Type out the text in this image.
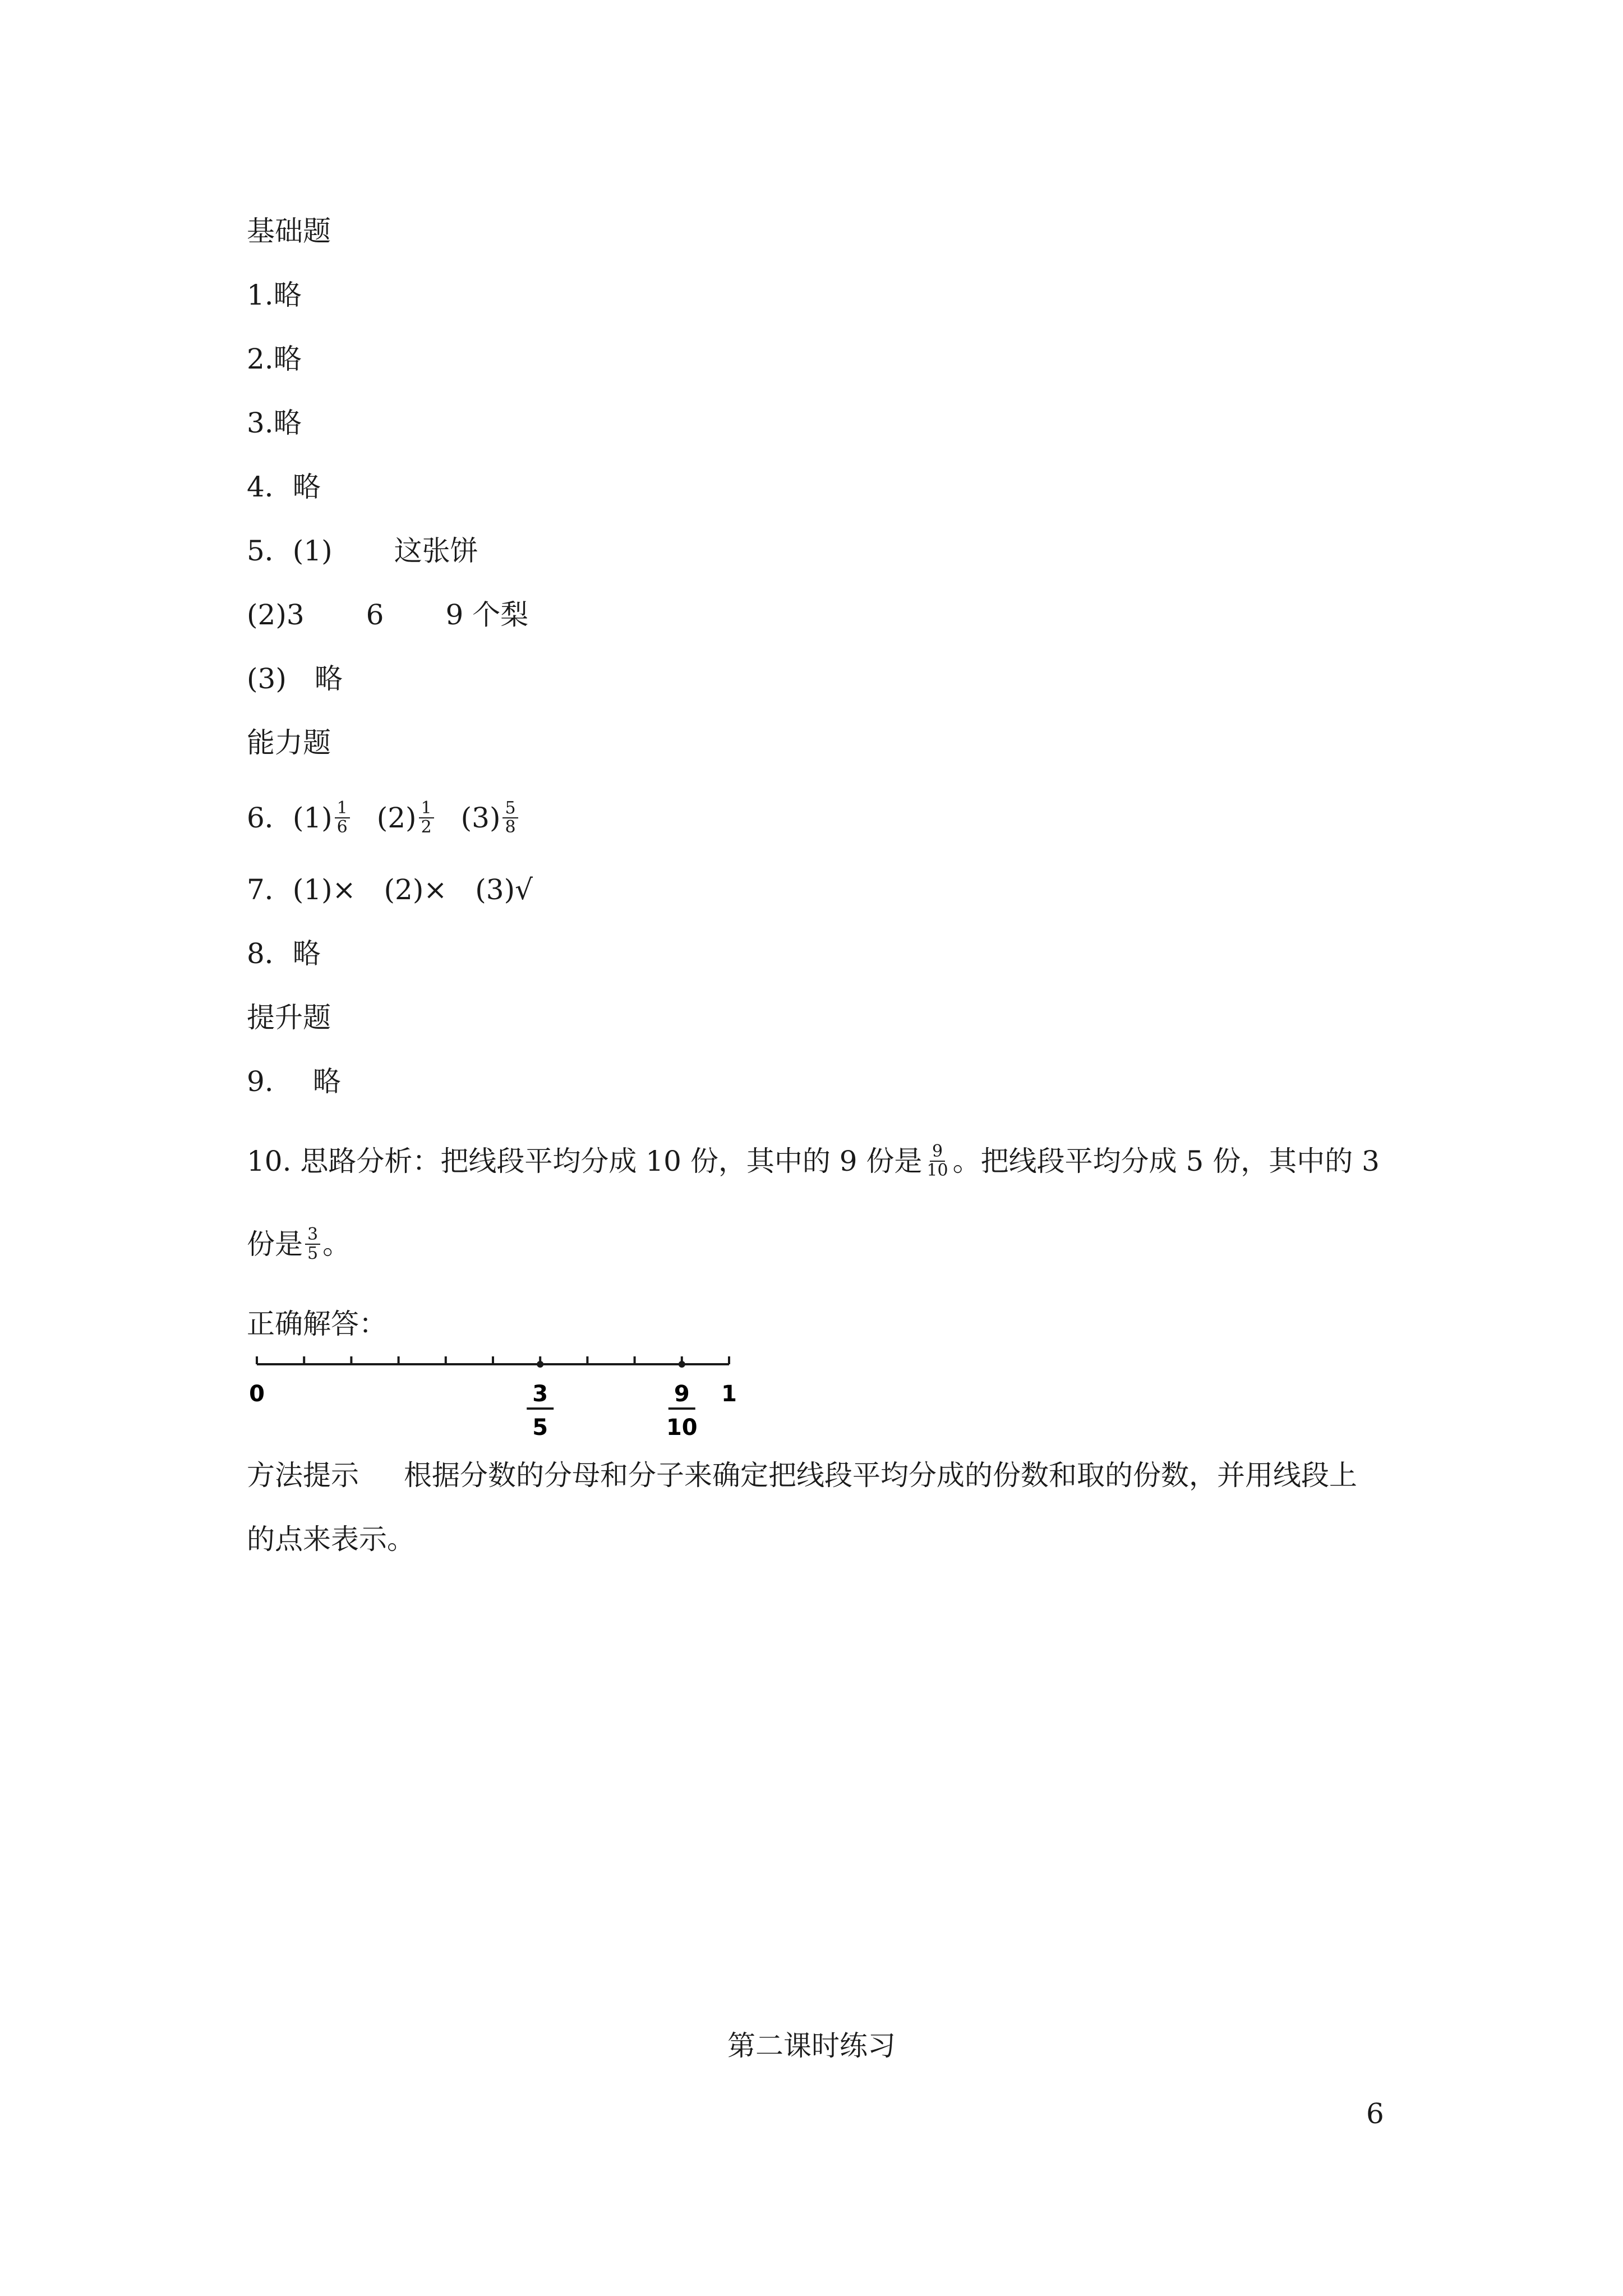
基础题
1.略
2.略
3.略
4．略
5．(1) 这张饼
(2)3 6 9 个梨
(3) 略
能力题
6．$(1) \frac{1}{6} (2) \frac{1}{2} (3) \frac{5}{8}$
7．(1)×　(2)×　(3)√
8．略
提升题
9. 略
10. 思路分析：把线段平均分成 10 份，其中的 9 份是 $\frac{9}{10}$ 。把线段平均分成 5 份，其中的 3
份是 $\frac{3}{5}$ 。
正确解答：
0	1
3
5
9
10
方法提示 根据分数的分母和分子来确定把线段平均分成的份数和取的份数，并用线段上
的点来表示。
第二课时练习
6
